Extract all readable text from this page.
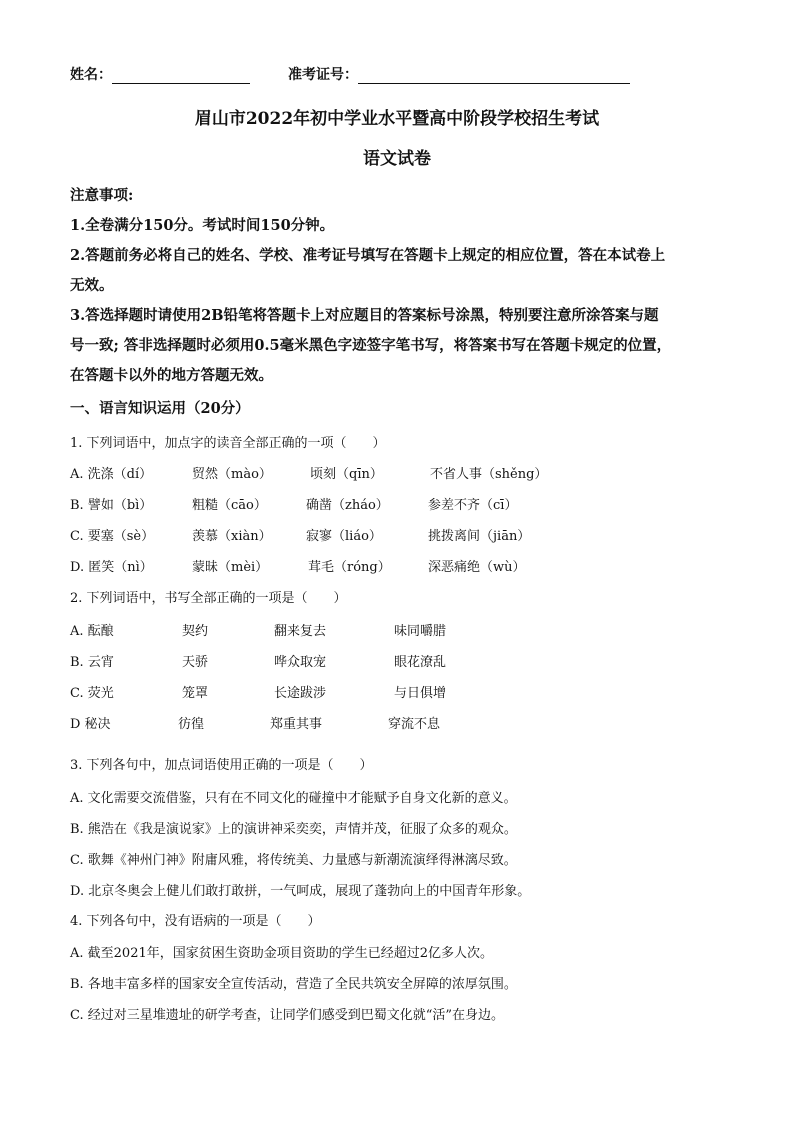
姓名：	准考证号：
眉山市2022年初中学业水平暨高中阶段学校招生考试
语文试卷
注意事项:
1.全卷满分150分。考试时间150分钟。
2.答题前务必将自己的姓名、学校、准考证号填写在答题卡上规定的相应位置，答在本试卷上
无效。
3.答选择题时请使用2B铅笔将答题卡上对应题目的答案标号涂黑，特别要注意所涂答案与题
号一致; 答非选择题时必须用0.5毫米黑色字迹签字笔书写，将答案书写在答题卡规定的位置，
在答题卡以外的地方答题无效。
一、语言知识运用（20分）
1. 下列词语中，加点字的读音全部正确的一项（　　）
A. 洗涤（dí）	贸然（mào）	顷刻（qīn）	不省人事（shěng）
B. 譬如（bì）	粗糙（cāo）	确凿（zháo）	参差不齐（cī）
C. 要塞（sè）	羡慕（xiàn）	寂寥（liáo）	挑拨离间（jiān）
D. 匿笑（nì）	蒙昧（mèi）	茸毛（róng）	深恶痛绝（wù）
2. 下列词语中，书写全部正确的一项是（　　）
A. 酝酿	契约	翻来复去	味同嚼腊
B. 云宵	天骄	哗众取宠	眼花潦乱
C. 荧光	笼罩	长途跋涉	与日俱增
D 秘决	彷徨	郑重其事	穿流不息
3. 下列各句中，加点词语使用正确的一项是（　　）
A. 文化需要交流借鉴，只有在不同文化的碰撞中才能赋予自身文化新的意义。
B. 熊浩在《我是演说家》上的演讲神采奕奕，声情并茂，征服了众多的观众。
C. 歌舞《神州门神》附庸风雅，将传统美、力量感与新潮流演绎得淋漓尽致。
D. 北京冬奥会上健儿们敢打敢拼，一气呵成，展现了蓬勃向上的中国青年形象。
4. 下列各句中，没有语病的一项是（　　）
A. 截至2021年，国家贫困生资助金项目资助的学生已经超过2亿多人次。
B. 各地丰富多样的国家安全宣传活动，营造了全民共筑安全屏障的浓厚氛围。
C. 经过对三星堆遗址的研学考查，让同学们感受到巴蜀文化就“活”在身边。
